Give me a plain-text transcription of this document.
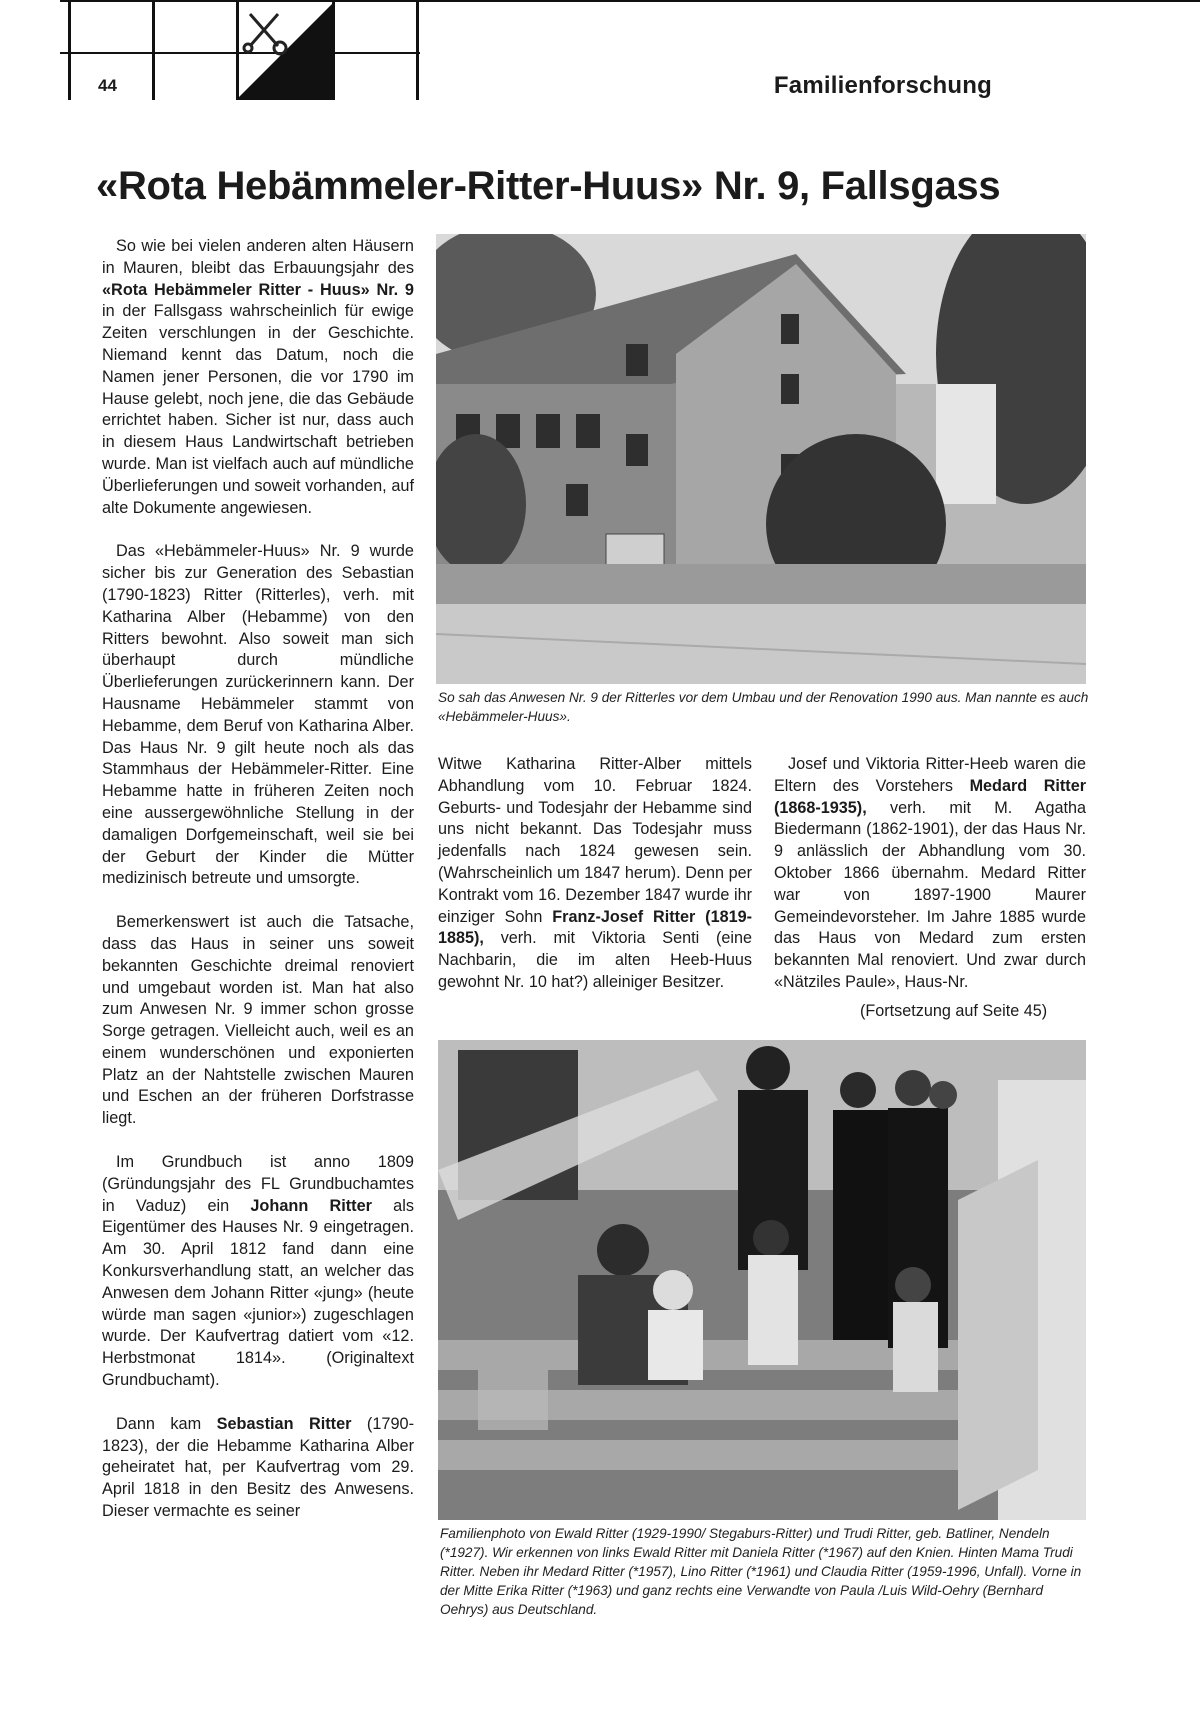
44	Familienforschung
«Rota Hebämmeler-Ritter-Huus» Nr. 9, Fallsgass

So wie bei vielen anderen alten Häusern in Mauren, bleibt das Erbauungsjahr des «Rota Hebämmeler Ritter - Huus» Nr. 9 in der Fallsgass wahrscheinlich für ewige Zeiten verschlungen in der Geschichte. Niemand kennt das Datum, noch die Namen jener Personen, die vor 1790 im Hause gelebt, noch jene, die das Gebäude errichtet haben. Sicher ist nur, dass auch in diesem Haus Landwirtschaft betrieben wurde. Man ist vielfach auch auf mündliche Überlieferungen und soweit vorhanden, auf alte Dokumente angewiesen.

Das «Hebämmeler-Huus» Nr. 9 wurde sicher bis zur Generation des Sebastian (1790-1823) Ritter (Ritterles), verh. mit Katharina Alber (Hebamme) von den Ritters bewohnt. Also soweit man sich überhaupt durch mündliche Überlieferungen zurückerinnern kann. Der Hausname Hebämmeler stammt von Hebamme, dem Beruf von Katharina Alber. Das Haus Nr. 9 gilt heute noch als das Stammhaus der Hebämmeler-Ritter. Eine Hebamme hatte in früheren Zeiten noch eine aussergewöhnliche Stellung in der damaligen Dorfgemeinschaft, weil sie bei der Geburt der Kinder die Mütter medizinisch betreute und umsorgte.

Bemerkenswert ist auch die Tatsache, dass das Haus in seiner uns soweit bekannten Geschichte dreimal renoviert und umgebaut worden ist. Man hat also zum Anwesen Nr. 9 immer schon grosse Sorge getragen. Vielleicht auch, weil es an einem wunderschönen und exponierten Platz an der Nahtstelle zwischen Mauren und Eschen an der früheren Dorfstrasse liegt.

Im Grundbuch ist anno 1809 (Gründungsjahr des FL Grundbuchamtes in Vaduz) ein Johann Ritter als Eigentümer des Hauses Nr. 9 eingetragen. Am 30. April 1812 fand dann eine Konkursverhandlung statt, an welcher das Anwesen dem Johann Ritter «jung» (heute würde man sagen «junior») zugeschlagen wurde. Der Kaufvertrag datiert vom «12. Herbstmonat 1814». (Originaltext Grundbuchamt).

Dann kam Sebastian Ritter (1790-1823), der die Hebamme Katharina Alber geheiratet hat, per Kaufvertrag vom 29. April 1818 in den Besitz des Anwesens. Dieser vermachte es seiner

So sah das Anwesen Nr. 9 der Ritterles vor dem Umbau und der Renovation 1990 aus. Man nannte es auch «Hebämmeler-Huus».

Witwe Katharina Ritter-Alber mittels Abhandlung vom 10. Februar 1824. Geburts- und Todesjahr der Hebamme sind uns nicht bekannt. Das Todesjahr muss jedenfalls nach 1824 gewesen sein.(Wahrscheinlich um 1847 herum). Denn per Kontrakt vom 16. Dezember 1847 wurde ihr einziger Sohn Franz-Josef Ritter (1819-1885), verh. mit Viktoria Senti (eine Nachbarin, die im alten Heeb-Huus gewohnt Nr. 10 hat?) alleiniger Besitzer.

Josef und Viktoria Ritter-Heeb waren die Eltern des Vorstehers Medard Ritter (1868-1935), verh. mit M. Agatha Biedermann (1862-1901), der das Haus Nr. 9 anlässlich der Abhandlung vom 30. Oktober 1866 übernahm. Medard Ritter war von 1897-1900 Maurer Gemeindevorsteher. Im Jahre 1885 wurde das Haus von Medard zum ersten bekannten Mal renoviert. Und zwar durch «Nätziles Paule», Haus-Nr.

(Fortsetzung auf Seite 45)
Familienphoto von Ewald Ritter (1929-1990/ Stegaburs-Ritter) und Trudi Ritter, geb. Batliner, Nendeln (*1927). Wir erkennen von links Ewald Ritter mit Daniela Ritter (*1967) auf den Knien. Hinten Mama Trudi Ritter. Neben ihr Medard Ritter (*1957), Lino Ritter (*1961) und Claudia Ritter (1959-1996, Unfall). Vorne in der Mitte Erika Ritter (*1963) und ganz rechts eine Verwandte von Paula /Luis Wild-Oehry (Bernhard Oehrys) aus Deutschland.
